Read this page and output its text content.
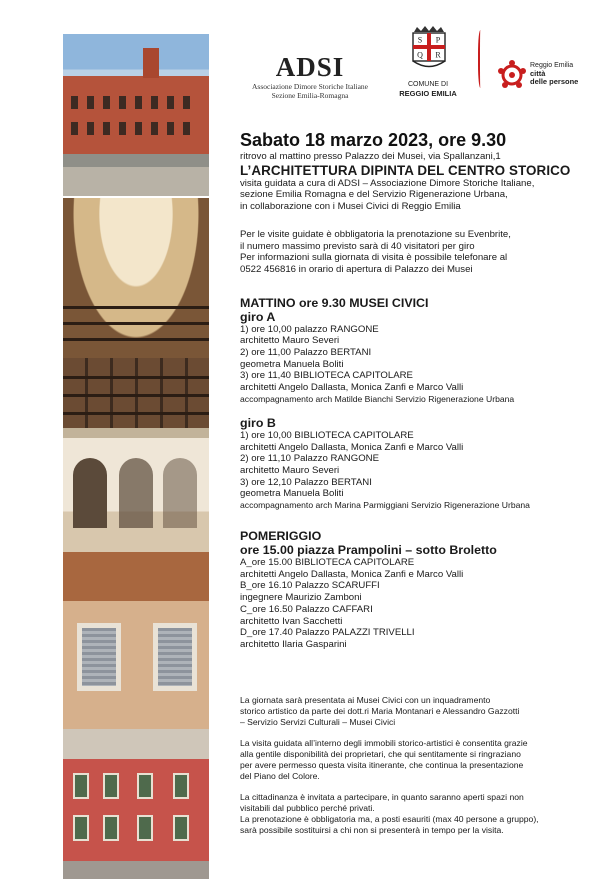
ADSI
Associazione Dimore Storiche Italiane
Sezione Emilia-Romagna
S P
Q R
COMUNE DI
REGGIO EMILIA
Reggio Emilia
città
delle persone

Sabato 18 marzo 2023, ore 9.30

ritrovo al mattino presso Palazzo dei Musei, via Spallanzani,1

L’ARCHITETTURA DIPINTA DEL CENTRO STORICO

visita guidata a cura di ADSI – Associazione Dimore Storiche Italiane,

sezione Emilia Romagna e del Servizio Rigenerazione Urbana,

in collaborazione con i Musei Civici di Reggio Emilia

Per le visite guidate è obbligatoria la prenotazione su Evenbrite,

il numero massimo previsto sarà di 40 visitatori per giro

Per informazioni sulla giornata di visita è possibile telefonare al

0522 456816 in orario di apertura di Palazzo dei Musei

MATTINO ore 9.30 MUSEI CIVICI

giro A

1) ore 10,00 palazzo RANGONE

architetto Mauro Severi

2) ore 11,00 Palazzo BERTANI

geometra Manuela Boliti

3) ore 11,40 BIBLIOTECA CAPITOLARE

architetti Angelo Dallasta, Monica Zanfi e Marco Valli

accompagnamento arch Matilde Bianchi Servizio Rigenerazione Urbana

giro B

1) ore 10,00 BIBLIOTECA CAPITOLARE

architetti Angelo Dallasta, Monica Zanfi e Marco Valli

2) ore 11,10 Palazzo RANGONE

architetto Mauro Severi

3) ore 12,10 Palazzo BERTANI

geometra Manuela Boliti

accompagnamento arch Marina Parmiggiani Servizio Rigenerazione Urbana

POMERIGGIO

ore 15.00 piazza Prampolini – sotto Broletto

A_ore 15.00 BIBLIOTECA CAPITOLARE

architetti Angelo Dallasta, Monica Zanfi e Marco Valli

B_ore 16.10 Palazzo SCARUFFI

ingegnere Maurizio Zamboni

C_ore 16.50 Palazzo CAFFARI

architetto Ivan Sacchetti

D_ore 17.40 Palazzo PALAZZI TRIVELLI

architetto Ilaria Gasparini

La giornata sarà presentata ai Musei Civici con un inquadramento

storico artistico da parte dei dott.ri Maria Montanari e Alessandro Gazzotti

– Servizio Servizi Culturali – Musei Civici

La visita guidata all’interno degli immobili storico-artistici è consentita grazie

alla gentile disponibilità dei proprietari, che qui sentitamente si ringraziano

per avere permesso questa visita itinerante, che continua la presentazione

del Piano del Colore.

La cittadinanza è invitata a partecipare, in quanto saranno aperti spazi non

visitabili dal pubblico perché privati.

La prenotazione è obbligatoria ma, a posti esauriti (max 40 persone a gruppo),

sarà possibile sostituirsi a chi non si presenterà in tempo per la visita.
